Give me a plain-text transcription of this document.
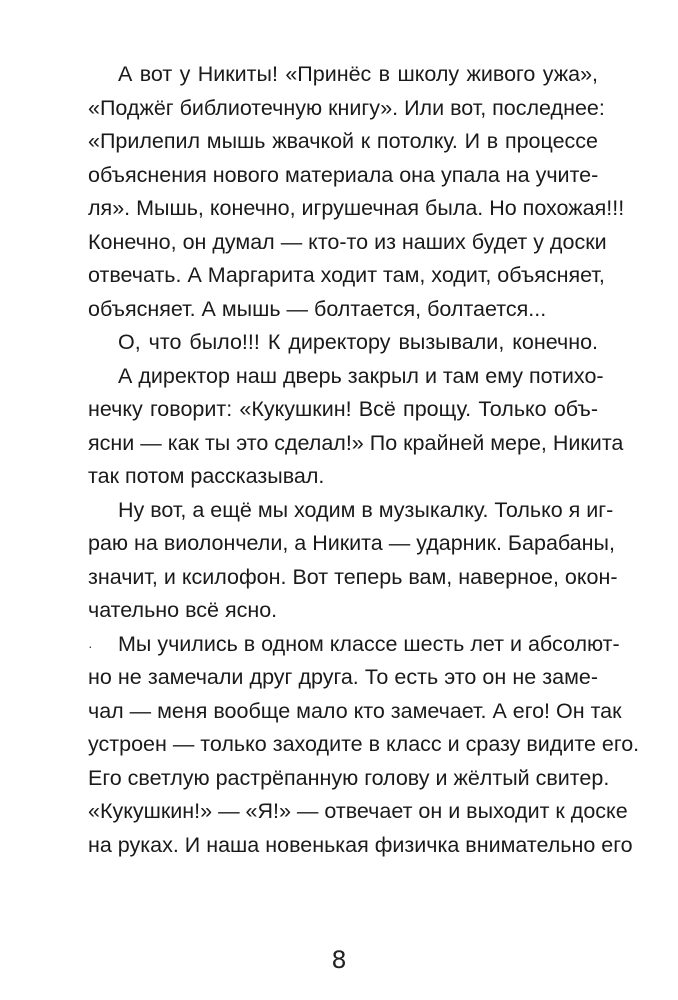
А вот у Никиты! «Принёс в школу живого ужа»,
«Поджёг библиотечную книгу». Или вот, последнее:
«Прилепил мышь жвачкой к потолку. И в процессе
объяснения нового материала она упала на учите-
ля». Мышь, конечно, игрушечная была. Но похожая!!!
Конечно, он думал — кто-то из наших будет у доски
отвечать. А Маргарита ходит там, ходит, объясняет,
объясняет. А мышь — болтается, болтается...
О, что было!!! К директору вызывали, конечно.
А директор наш дверь закрыл и там ему потихо-
нечку говорит: «Кукушкин! Всё прощу. Только объ-
ясни — как ты это сделал!» По крайней мере, Никита
так потом рассказывал.
Ну вот, а ещё мы ходим в музыкалку. Только я иг-
раю на виолончели, а Никита — ударник. Барабаны,
значит, и ксилофон. Вот теперь вам, наверное, окон-
чательно всё ясно.
· Мы учились в одном классе шесть лет и абсолют-
но не замечали друг друга. То есть это он не заме-
чал — меня вообще мало кто замечает. А его! Он так
устроен — только заходите в класс и сразу видите его.
Его светлую растрёпанную голову и жёлтый свитер.
«Кукушкин!» — «Я!» — отвечает он и выходит к доске
на руках. И наша новенькая физичка внимательно его
8
